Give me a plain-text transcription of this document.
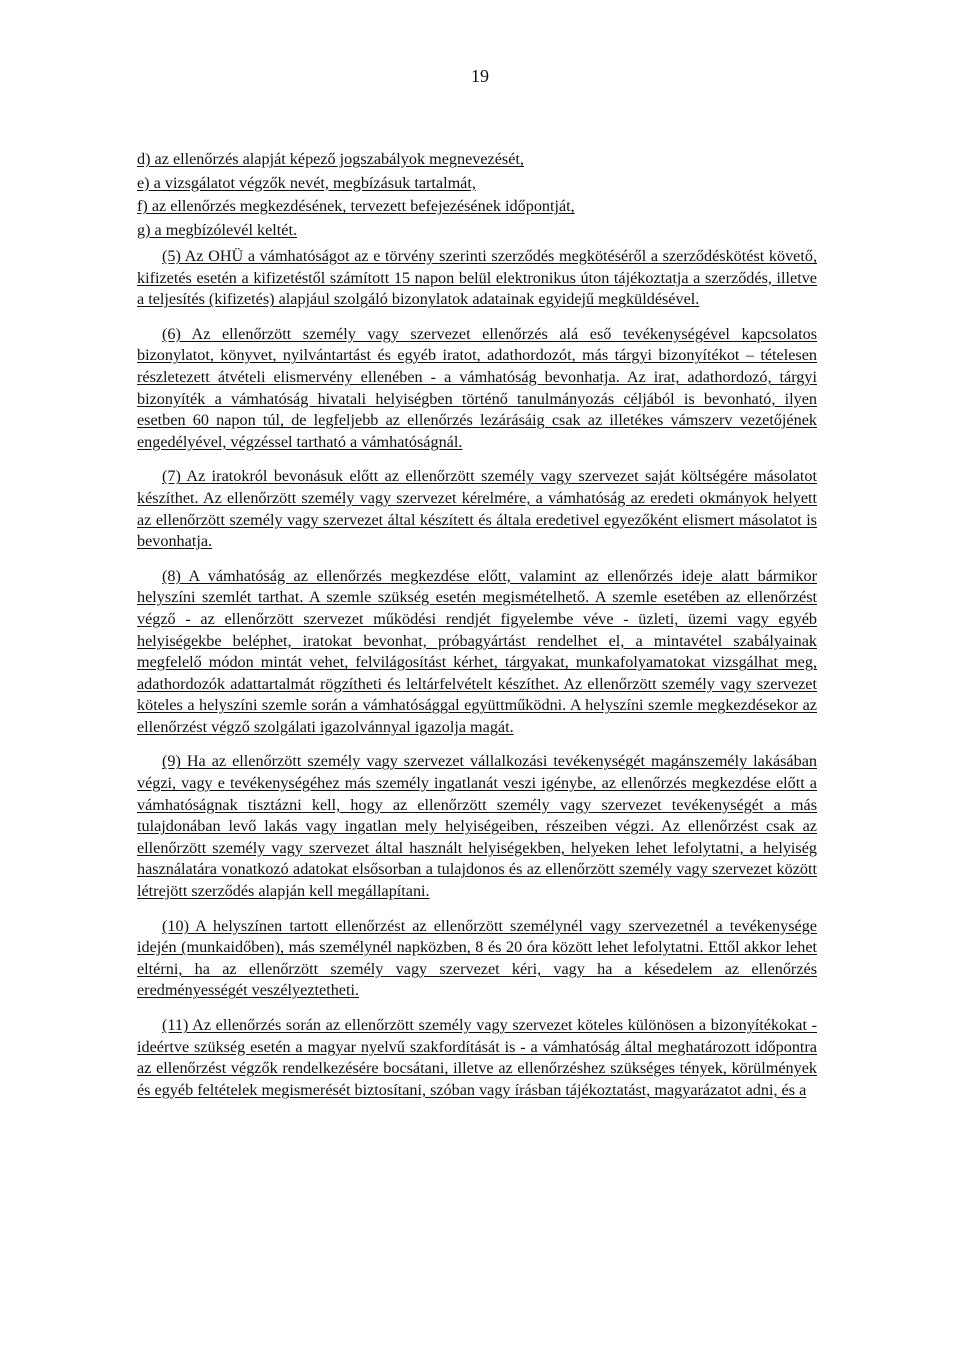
19
d) az ellenőrzés alapját képező jogszabályok megnevezését,
e) a vizsgálatot végzők nevét, megbízásuk tartalmát,
f) az ellenőrzés megkezdésének, tervezett befejezésének időpontját,
g) a megbízólevél keltét.

(5) Az OHÜ a vámhatóságot az e törvény szerinti szerződés megkötéséről a szerződéskötést követő, kifizetés esetén a kifizetéstől számított 15 napon belül elektronikus úton tájékoztatja a szerződés, illetve a teljesítés (kifizetés) alapjául szolgáló bizonylatok adatainak egyidejű megküldésével.

(6) Az ellenőrzött személy vagy szervezet ellenőrzés alá eső tevékenységével kapcsolatos bizonylatot, könyvet, nyilvántartást és egyéb iratot, adathordozót, más tárgyi bizonyítékot – tételesen részletezett átvételi elismervény ellenében - a vámhatóság bevonhatja. Az irat, adathordozó, tárgyi bizonyíték a vámhatóság hivatali helyiségben történő tanulmányozás céljából is bevonható, ilyen esetben 60 napon túl, de legfeljebb az ellenőrzés lezárásáig csak az illetékes vámszerv vezetőjének engedélyével, végzéssel tartható a vámhatóságnál.

(7) Az iratokról bevonásuk előtt az ellenőrzött személy vagy szervezet saját költségére másolatot készíthet. Az ellenőrzött személy vagy szervezet kérelmére, a vámhatóság az eredeti okmányok helyett az ellenőrzött személy vagy szervezet által készített és általa eredetivel egyezőként elismert másolatot is bevonhatja.

(8) A vámhatóság az ellenőrzés megkezdése előtt, valamint az ellenőrzés ideje alatt bármikor helyszíni szemlét tarthat. A szemle szükség esetén megismételhető. A szemle esetében az ellenőrzést végző - az ellenőrzött szervezet működési rendjét figyelembe véve - üzleti, üzemi vagy egyéb helyiségekbe beléphet, iratokat bevonhat, próbagyártást rendelhet el, a mintavétel szabályainak megfelelő módon mintát vehet, felvilágosítást kérhet, tárgyakat, munkafolyamatokat vizsgálhat meg, adathordozók adattartalmát rögzítheti és leltárfelvételt készíthet. Az ellenőrzött személy vagy szervezet köteles a helyszíni szemle során a vámhatósággal együttműködni. A helyszíni szemle megkezdésekor az ellenőrzést végző szolgálati igazolvánnyal igazolja magát.

(9) Ha az ellenőrzött személy vagy szervezet vállalkozási tevékenységét magánszemély lakásában végzi, vagy e tevékenységéhez más személy ingatlanát veszi igénybe, az ellenőrzés megkezdése előtt a vámhatóságnak tisztázni kell, hogy az ellenőrzött személy vagy szervezet tevékenységét a más tulajdonában levő lakás vagy ingatlan mely helyiségeiben, részeiben végzi. Az ellenőrzést csak az ellenőrzött személy vagy szervezet által használt helyiségekben, helyeken lehet lefolytatni, a helyiség használatára vonatkozó adatokat elsősorban a tulajdonos és az ellenőrzött személy vagy szervezet között létrejött szerződés alapján kell megállapítani.

(10) A helyszínen tartott ellenőrzést az ellenőrzött személynél vagy szervezetnél a tevékenysége idején (munkaidőben), más személynél napközben, 8 és 20 óra között lehet lefolytatni. Ettől akkor lehet eltérni, ha az ellenőrzött személy vagy szervezet kéri, vagy ha a késedelem az ellenőrzés eredményességét veszélyeztetheti.

(11) Az ellenőrzés során az ellenőrzött személy vagy szervezet köteles különösen a bizonyítékokat - ideértve szükség esetén a magyar nyelvű szakfordítását is - a vámhatóság által meghatározott időpontra az ellenőrzést végzők rendelkezésére bocsátani, illetve az ellenőrzéshez szükséges tények, körülmények és egyéb feltételek megismerését biztosítani, szóban vagy írásban tájékoztatást, magyarázatot adni, és a
